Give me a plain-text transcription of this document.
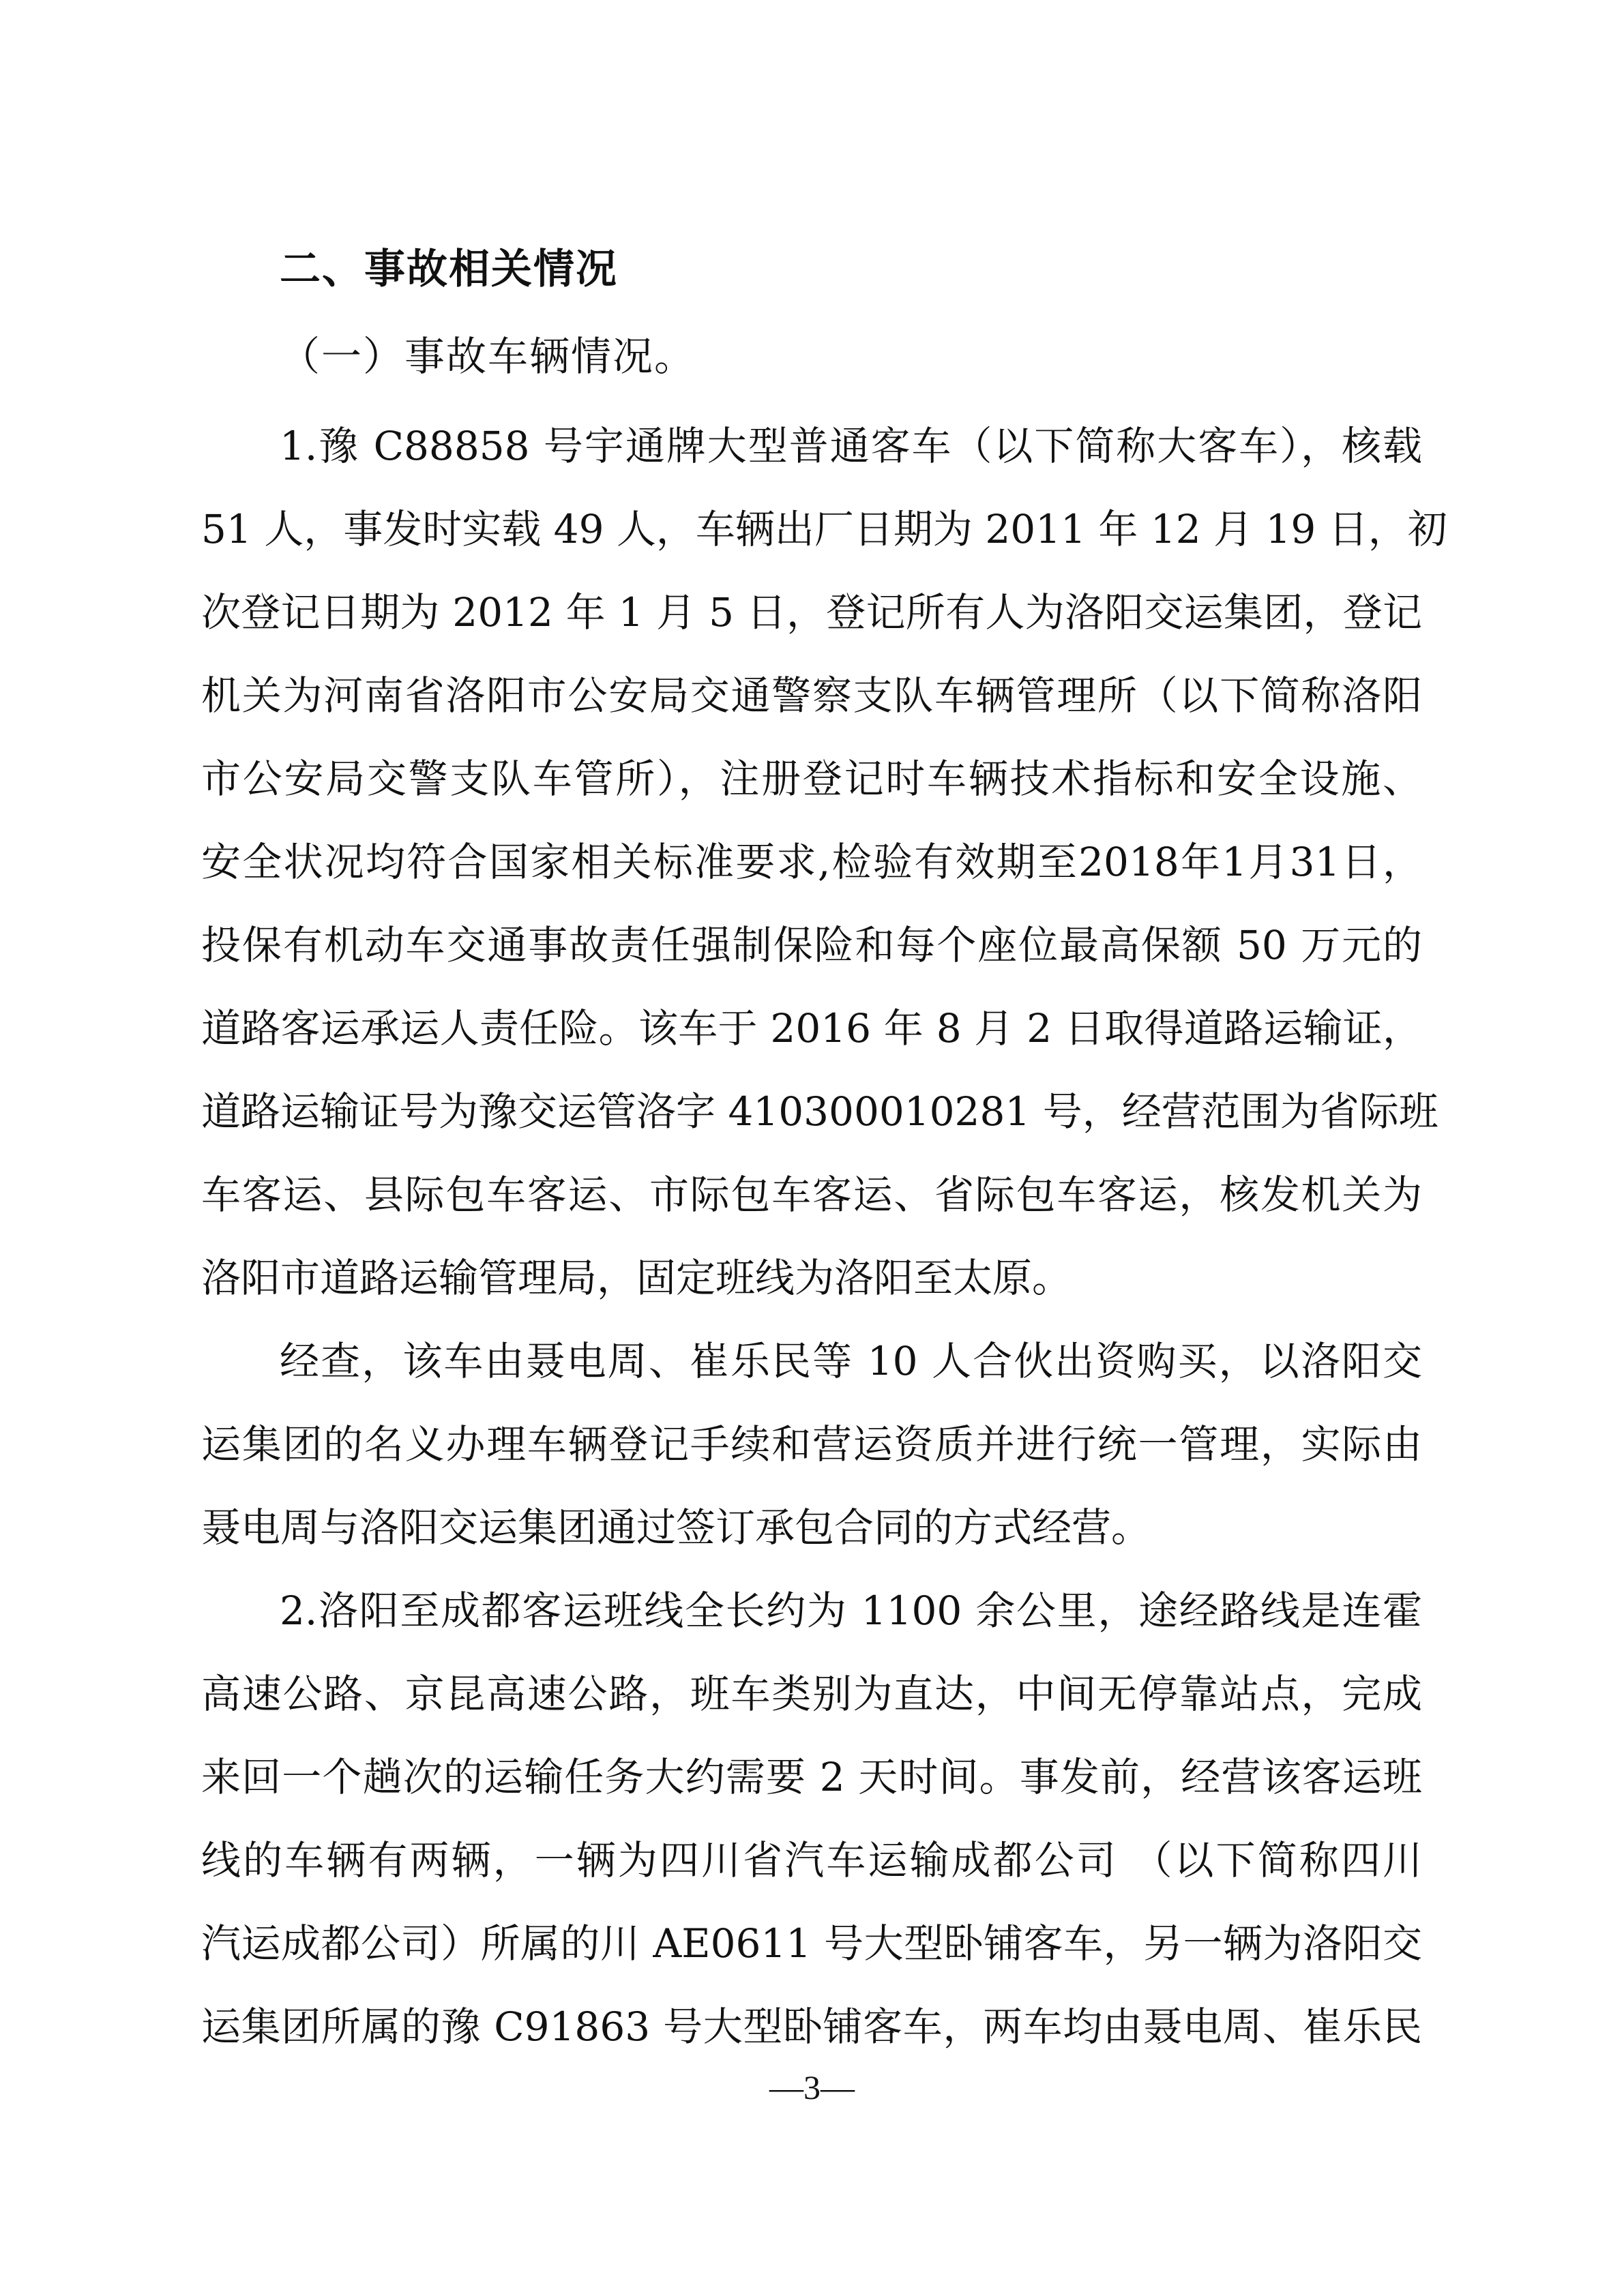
二、事故相关情况
（一）事故车辆情况。
1.豫 C88858 号宇通牌大型普通客车（以下简称大客车），核载
51 人，事发时实载 49 人，车辆出厂日期为 2011 年 12 月 19 日，初
次登记日期为 2012 年 1 月 5 日，登记所有人为洛阳交运集团，登记
机关为河南省洛阳市公安局交通警察支队车辆管理所（以下简称洛阳
市公安局交警支队车管所），注册登记时车辆技术指标和安全设施、
安全状况均符合国家相关标准要求,检验有效期至2018年1月31日，
投保有机动车交通事故责任强制保险和每个座位最高保额 50 万元的
道路客运承运人责任险。该车于 2016 年 8 月 2 日取得道路运输证，
道路运输证号为豫交运管洛字 410300010281 号，经营范围为省际班
车客运、县际包车客运、市际包车客运、省际包车客运，核发机关为
洛阳市道路运输管理局，固定班线为洛阳至太原。
经查，该车由聂电周、崔乐民等 10 人合伙出资购买，以洛阳交
运集团的名义办理车辆登记手续和营运资质并进行统一管理，实际由
聂电周与洛阳交运集团通过签订承包合同的方式经营。
2.洛阳至成都客运班线全长约为 1100 余公里，途经路线是连霍
高速公路、京昆高速公路，班车类别为直达，中间无停靠站点，完成
来回一个趟次的运输任务大约需要 2 天时间。事发前，经营该客运班
线的车辆有两辆，一辆为四川省汽车运输成都公司 （以下简称四川
汽运成都公司）所属的川 AE0611 号大型卧铺客车，另一辆为洛阳交
运集团所属的豫 C91863 号大型卧铺客车，两车均由聂电周、崔乐民
—3—
